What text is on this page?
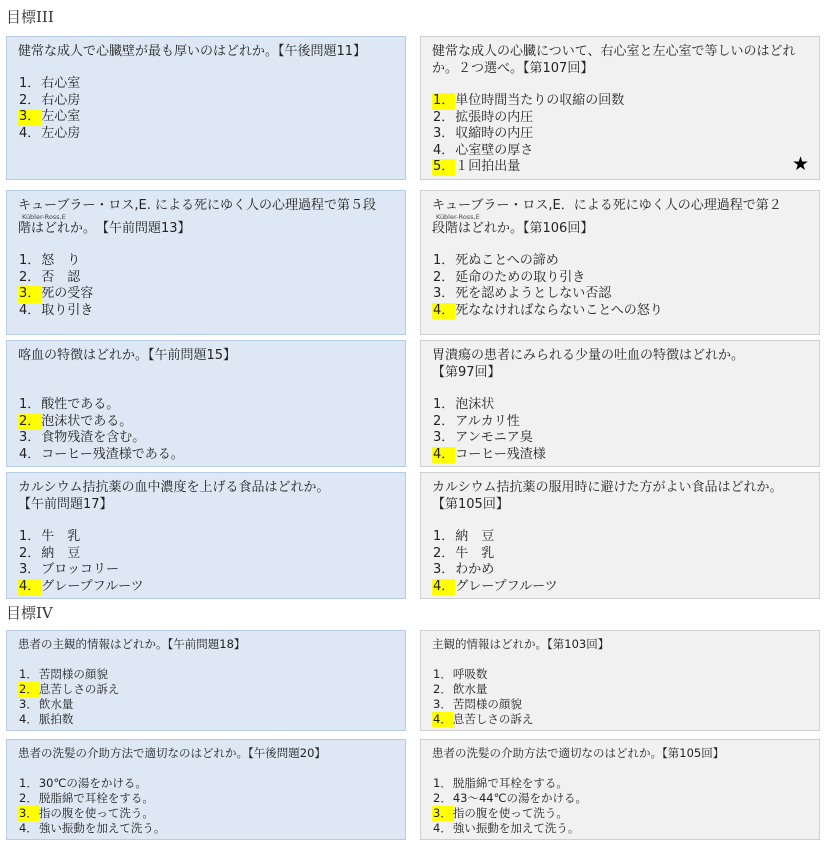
目標III

健常な成人で心臓壁が最も厚いのはどれか。【午後問題11】

1．右心室
2．右心房
3．左心室
4．左心房

健常な成人の心臓について、右心室と左心室で等しいのはどれか。２つ選べ。【第107回】

1．単位時間当たりの収縮の回数
2．拡張時の内圧
3．収縮時の内圧
4．心室壁の厚さ
5．１回拍出量	★

キューブラー・ロス,E. による死にゆく人の心理過程で第５段

Kübler-Ross,E

階はどれか。　【午前問題13】

1．怒　り
2．否　認
3．死の受容
4．取り引き

キューブラー・ロス,E．による死にゆく人の心理過程で第２

Kübler-Ross,E

段階はどれか。【第106回】

1．死ぬことへの諦め
2．延命のための取り引き
3．死を認めようとしない否認
4．死ななければならないことへの怒り

喀血の特徴はどれか。【午前問題15】

1．酸性である。
2．泡沫状である。
3．食物残渣を含む。
4．コーヒー残渣様である。

胃潰瘍の患者にみられる少量の吐血の特徴はどれか。
【第97回】

1．泡沫状
2．アルカリ性
3．アンモニア臭
4．コーヒー残渣様

カルシウム拮抗薬の血中濃度を上げる食品はどれか。
【午前問題17】

1．牛　乳
2．納　豆
3．ブロッコリー
4．グレープフルーツ

カルシウム拮抗薬の服用時に避けた方がよい食品はどれか。
【第105回】

1．納　豆
2．牛　乳
3．わかめ
4．グレープフルーツ
目標IV

患者の主観的情報はどれか。【午前問題18】

1．苦悶様の顔貌
2．息苦しさの訴え
3．飲水量
4．脈拍数

主観的情報はどれか。【第103回】

1．呼吸数
2．飲水量
3．苦悶様の顔貌
4．息苦しさの訴え

患者の洗髪の介助方法で適切なのはどれか。【午後問題20】

1．30℃の湯をかける。
2．脱脂綿で耳栓をする。
3．指の腹を使って洗う。
4．強い振動を加えて洗う。

患者の洗髪の介助方法で適切なのはどれか。【第105回】

1．脱脂綿で耳栓をする。
2．43～44℃の湯をかける。
3．指の腹を使って洗う。
4．強い振動を加えて洗う。
